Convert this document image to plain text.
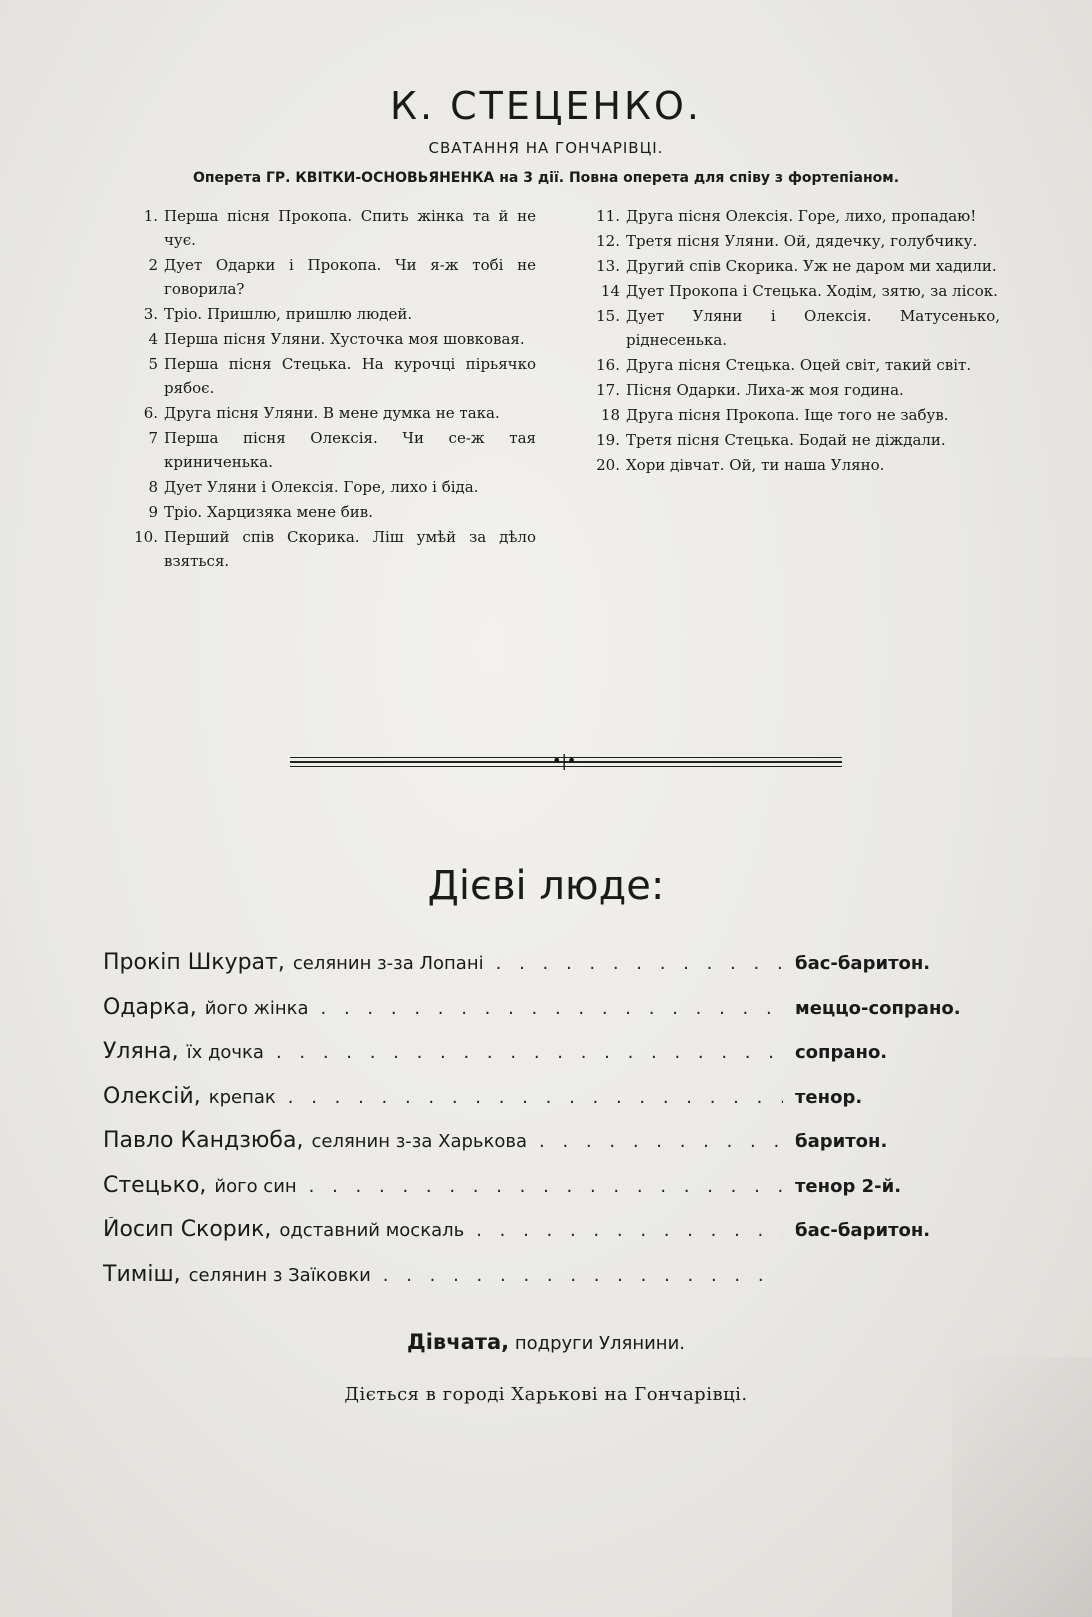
К. СТЕЦЕНКО.
СВАТАННЯ НА ГОНЧАРІВЦІ.
Оперета ГР. КВІТКИ-ОСНОВЬЯНЕНКА на 3 дії. Повна оперета для співу з фортепіаном.
1. Перша пісня Прокопа. Спить жінка та й не чує.
2 Дует Одарки і Прокопа. Чи я-ж тобі не говорила?
3. Тріо. Пришлю, пришлю людей.
4 Перша пісня Уляни. Хусточка моя шовковая.
5 Перша пісня Стецька. На курочці пірьячко рябоє.
6. Друга пісня Уляни. В мене думка не така.
7 Перша пісня Олексія. Чи се-ж тая криниченька.
8 Дует Уляни і Олексія. Горе, лихо і біда.
9 Тріо. Харцизяка мене бив.
10. Перший спів Скорика. Ліш умѣй за дѣло взяться.
11. Друга пісня Олексія. Горе, лихо, пропадаю!
12. Третя пісня Уляни. Ой, дядечку, голубчику.
13. Другий спів Скорика. Уж не даром ми хадили.
14 Дует Прокопа і Стецька. Ходім, зятю, за лісок.
15. Дует Уляни і Олексія. Матусенько, ріднесенька.
16. Друга пісня Стецька. Оцей світ, такий світ.
17. Пісня Одарки. Лиха-ж моя година.
18 Друга пісня Прокопа. Іще того не забув.
19. Третя пісня Стецька. Бодай не діждали.
20. Хори дівчат. Ой, ти наша Уляно.
•|•
Дієві люде:
Прокіп Шкурат, селянин з-за Лопані . . .	бас-баритон.
Одарка, його жінка . . .	меццо-сопрано.
Уляна, їх дочка . . .	сопрано.
Олексій, крепак . . .	тенор.
Павло Кандзюба, селянин з-за Харькова . . .	баритон.
Стецько, його син . . .	тенор 2-й.
Йосип Скорик, одставний москаль . . .	бас-баритон.
Тиміш, селянин з Заїковки
. . .
Дівчата, подруги Улянини.
Діється в городі Харькові на Гончарівці.
